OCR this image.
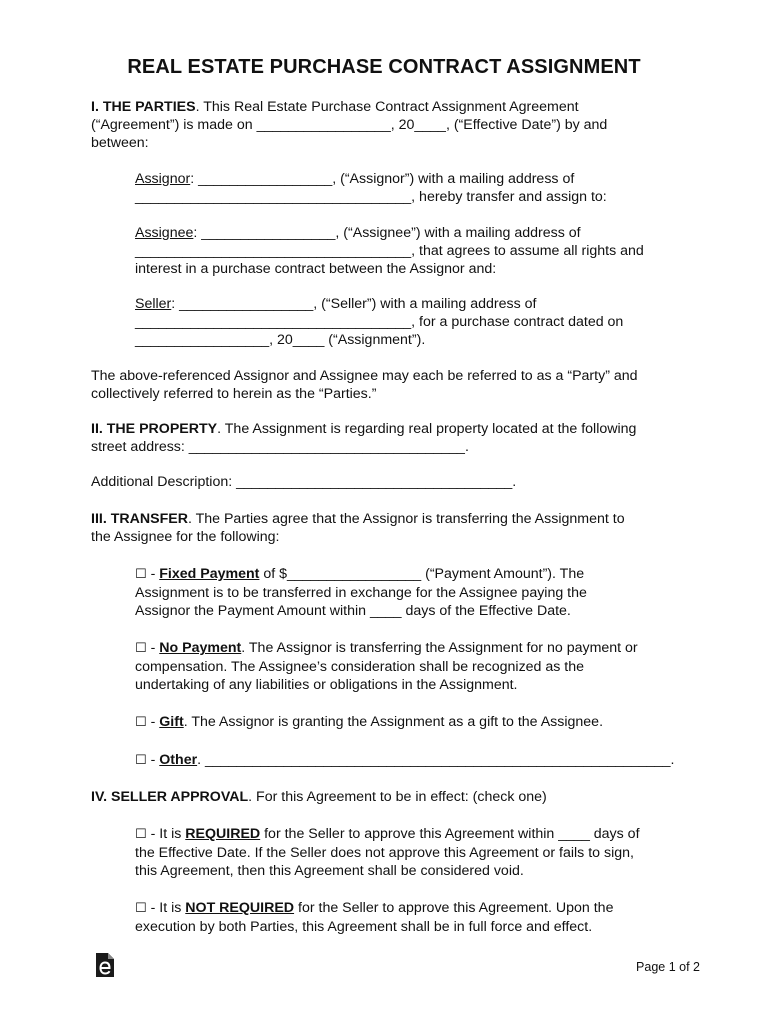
REAL ESTATE PURCHASE CONTRACT ASSIGNMENT

I. THE PARTIES. This Real Estate Purchase Contract Assignment Agreement
(“Agreement”) is made on _________________, 20____, (“Effective Date”) by and
between:

Assignor: _________________, (“Assignor”) with a mailing address of
___________________________________, hereby transfer and assign to:

Assignee: _________________, (“Assignee”) with a mailing address of
___________________________________, that agrees to assume all rights and
interest in a purchase contract between the Assignor and:

Seller: _________________, (“Seller”) with a mailing address of
___________________________________, for a purchase contract dated on
_________________, 20____ (“Assignment”).

The above-referenced Assignor and Assignee may each be referred to as a “Party” and
collectively referred to herein as the “Parties.”

II. THE PROPERTY. The Assignment is regarding real property located at the following
street address: ___________________________________.

Additional Description: ___________________________________.

III. TRANSFER. The Parties agree that the Assignor is transferring the Assignment to
the Assignee for the following:

☐ - Fixed Payment of $_________________ (“Payment Amount”). The
Assignment is to be transferred in exchange for the Assignee paying the
Assignor the Payment Amount within ____ days of the Effective Date.

☐ - No Payment. The Assignor is transferring the Assignment for no payment or
compensation. The Assignee’s consideration shall be recognized as the
undertaking of any liabilities or obligations in the Assignment.

☐ - Gift. The Assignor is granting the Assignment as a gift to the Assignee.

☐ - Other. ___________________________________________________________.

IV. SELLER APPROVAL. For this Agreement to be in effect: (check one)

☐ - It is REQUIRED for the Seller to approve this Agreement within ____ days of
the Effective Date. If the Seller does not approve this Agreement or fails to sign,
this Agreement, then this Agreement shall be considered void.

☐ - It is NOT REQUIRED for the Seller to approve this Agreement. Upon the
execution by both Parties, this Agreement shall be in full force and effect.

Page 1 of 2
